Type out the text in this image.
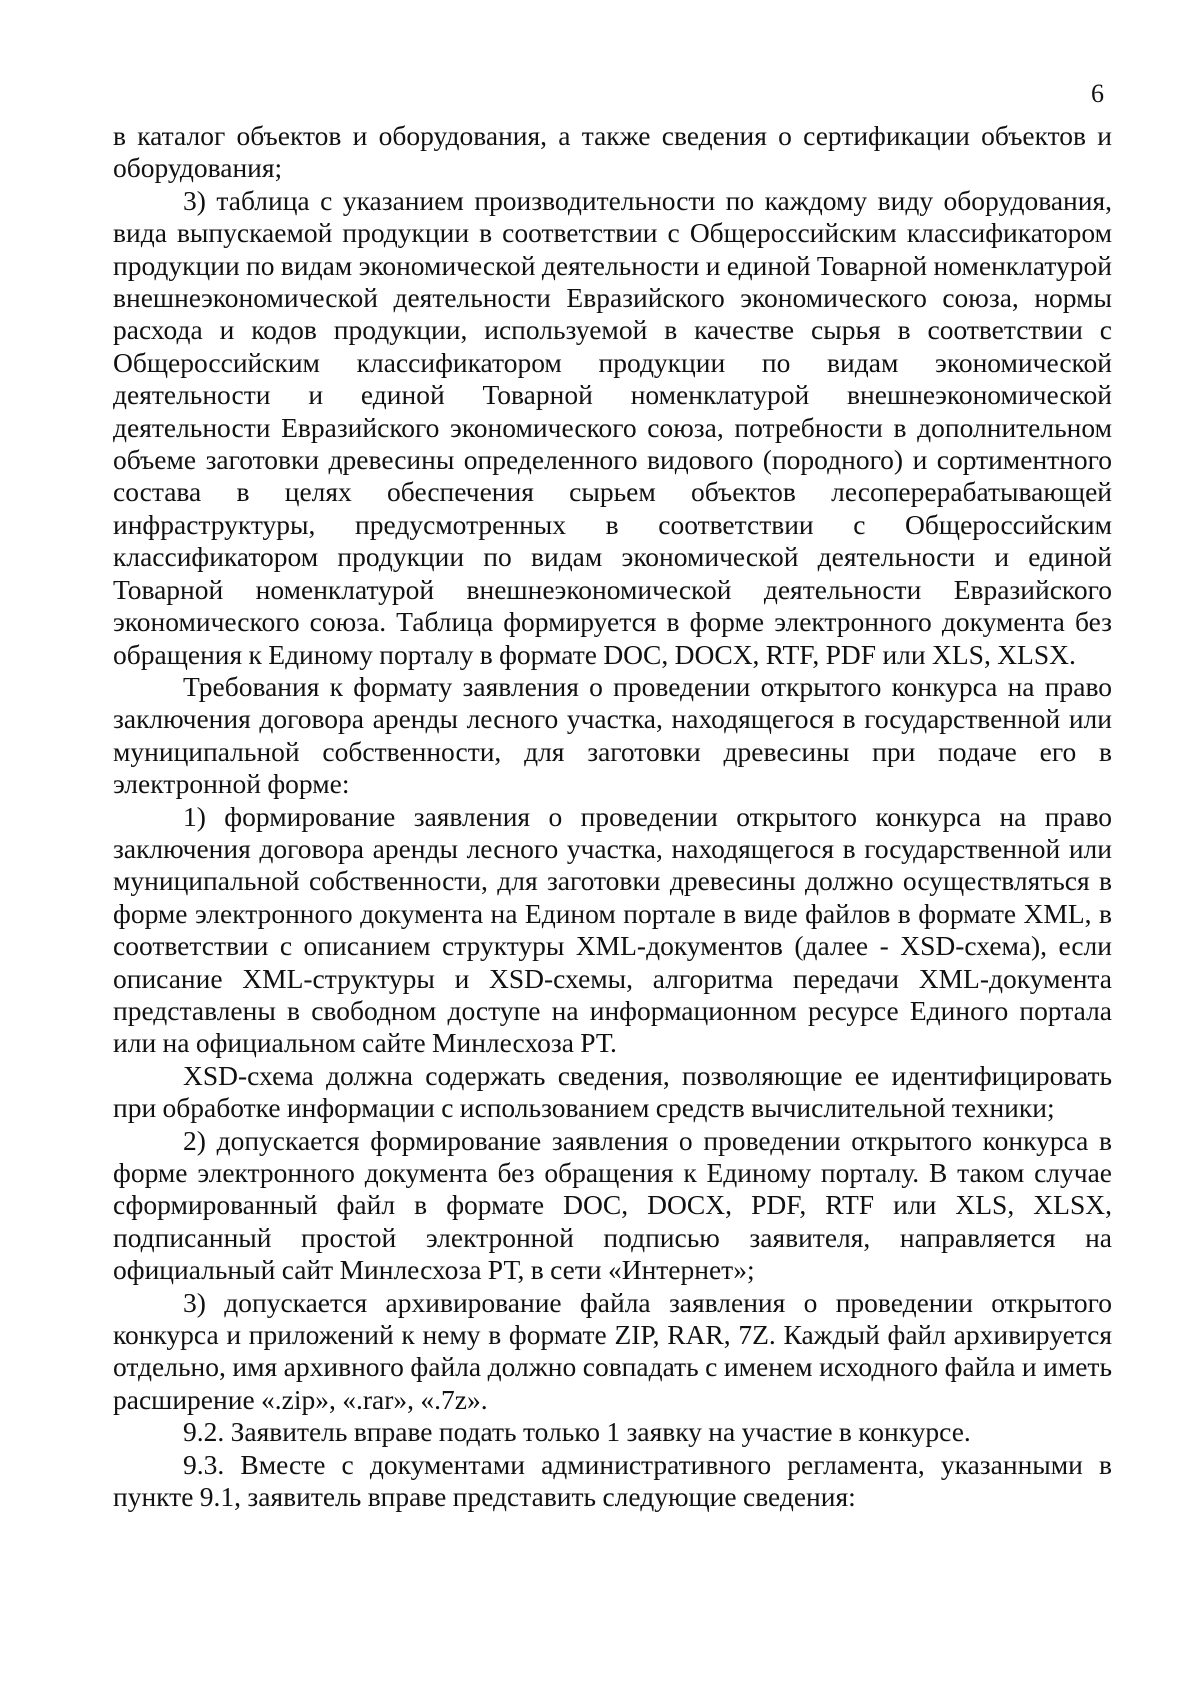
6

в каталог объектов и оборудования, а также сведения о сертификации объектов и оборудования;

3) таблица с указанием производительности по каждому виду оборудования, вида выпускаемой продукции в соответствии с Общероссийским классификатором продукции по видам экономической деятельности и единой Товарной номенклатурой внешнеэкономической деятельности Евразийского экономического союза, нормы расхода и кодов продукции, используемой в качестве сырья в соответствии с Общероссийским классификатором продукции по видам экономической деятельности и единой Товарной номенклатурой внешнеэкономической деятельности Евразийского экономического союза, потребности в дополнительном объеме заготовки древесины определенного видового (породного) и сортиментного состава в целях обеспечения сырьем объектов лесоперерабатывающей инфраструктуры, предусмотренных в соответствии с Общероссийским классификатором продукции по видам экономической деятельности и единой Товарной номенклатурой внешнеэкономической деятельности Евразийского экономического союза. Таблица формируется в форме электронного документа без обращения к Единому порталу в формате DOC, DOCX, RTF, PDF или XLS, XLSX.

Требования к формату заявления о проведении открытого конкурса на право заключения договора аренды лесного участка, находящегося в государственной или муниципальной собственности, для заготовки древесины при подаче его в электронной форме:

1) формирование заявления о проведении открытого конкурса на право заключения договора аренды лесного участка, находящегося в государственной или муниципальной собственности, для заготовки древесины должно осуществляться в форме электронного документа на Едином портале в виде файлов в формате XML, в соответствии с описанием структуры XML-документов (далее - XSD-схема), если описание XML-структуры и XSD-схемы, алгоритма передачи XML-документа представлены в свободном доступе на информационном ресурсе Единого портала или на официальном сайте Минлесхоза РТ.

XSD-схема должна содержать сведения, позволяющие ее идентифицировать при обработке информации с использованием средств вычислительной техники;

2) допускается формирование заявления о проведении открытого конкурса в форме электронного документа без обращения к Единому порталу. В таком случае сформированный файл в формате DOC, DOCX, PDF, RTF или XLS, XLSX, подписанный простой электронной подписью заявителя, направляется на официальный сайт Минлесхоза РТ, в сети «Интернет»;

3) допускается архивирование файла заявления о проведении открытого конкурса и приложений к нему в формате ZIP, RAR, 7Z. Каждый файл архивируется отдельно, имя архивного файла должно совпадать с именем исходного файла и иметь расширение «.zip», «.rar», «.7z».

9.2. Заявитель вправе подать только 1 заявку на участие в конкурсе.

9.3. Вместе с документами административного регламента, указанными в пункте 9.1, заявитель вправе представить следующие сведения:
